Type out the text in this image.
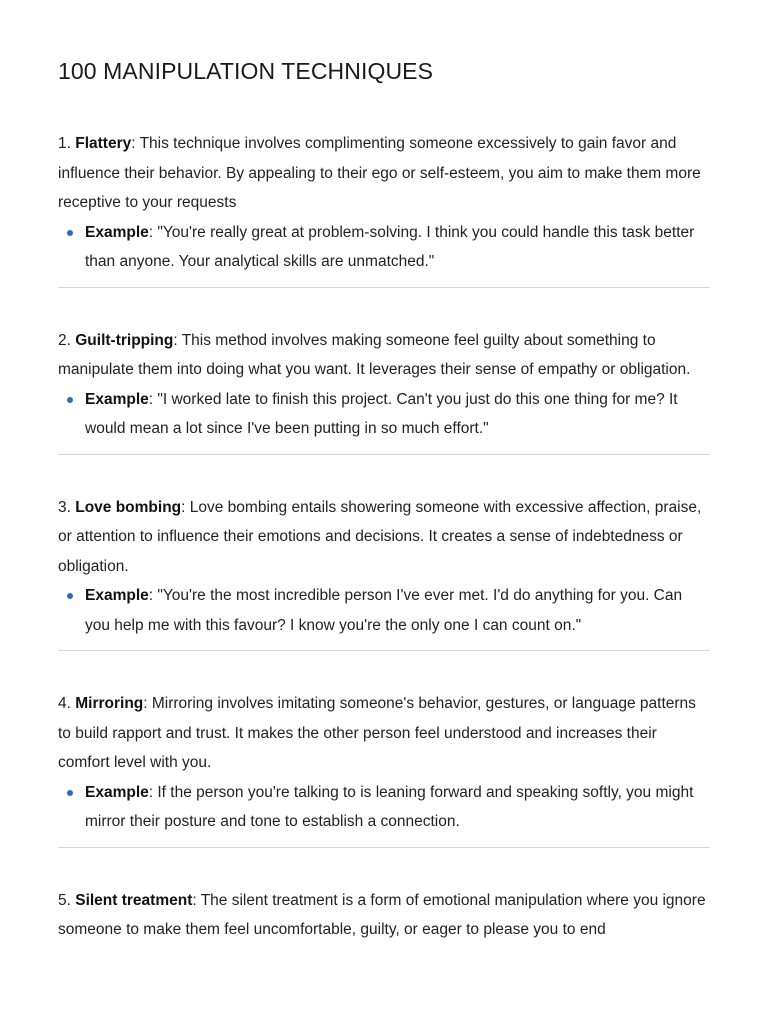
100 MANIPULATION TECHNIQUES

1. Flattery: This technique involves complimenting someone excessively to gain favor and influence their behavior. By appealing to their ego or self-esteem, you aim to make them more receptive to your requests

Example: "You're really great at problem-solving. I think you could handle this task better than anyone. Your analytical skills are unmatched."

2. Guilt-tripping: This method involves making someone feel guilty about something to manipulate them into doing what you want. It leverages their sense of empathy or obligation.

Example: "I worked late to finish this project. Can't you just do this one thing for me? It would mean a lot since I've been putting in so much effort."

3. Love bombing: Love bombing entails showering someone with excessive affection, praise, or attention to influence their emotions and decisions. It creates a sense of indebtedness or obligation.

Example: "You're the most incredible person I've ever met. I'd do anything for you. Can you help me with this favour? I know you're the only one I can count on."

4. Mirroring: Mirroring involves imitating someone's behavior, gestures, or language patterns to build rapport and trust. It makes the other person feel understood and increases their comfort level with you.

Example: If the person you're talking to is leaning forward and speaking softly, you might mirror their posture and tone to establish a connection.

5. Silent treatment: The silent treatment is a form of emotional manipulation where you ignore someone to make them feel uncomfortable, guilty, or eager to please you to end
